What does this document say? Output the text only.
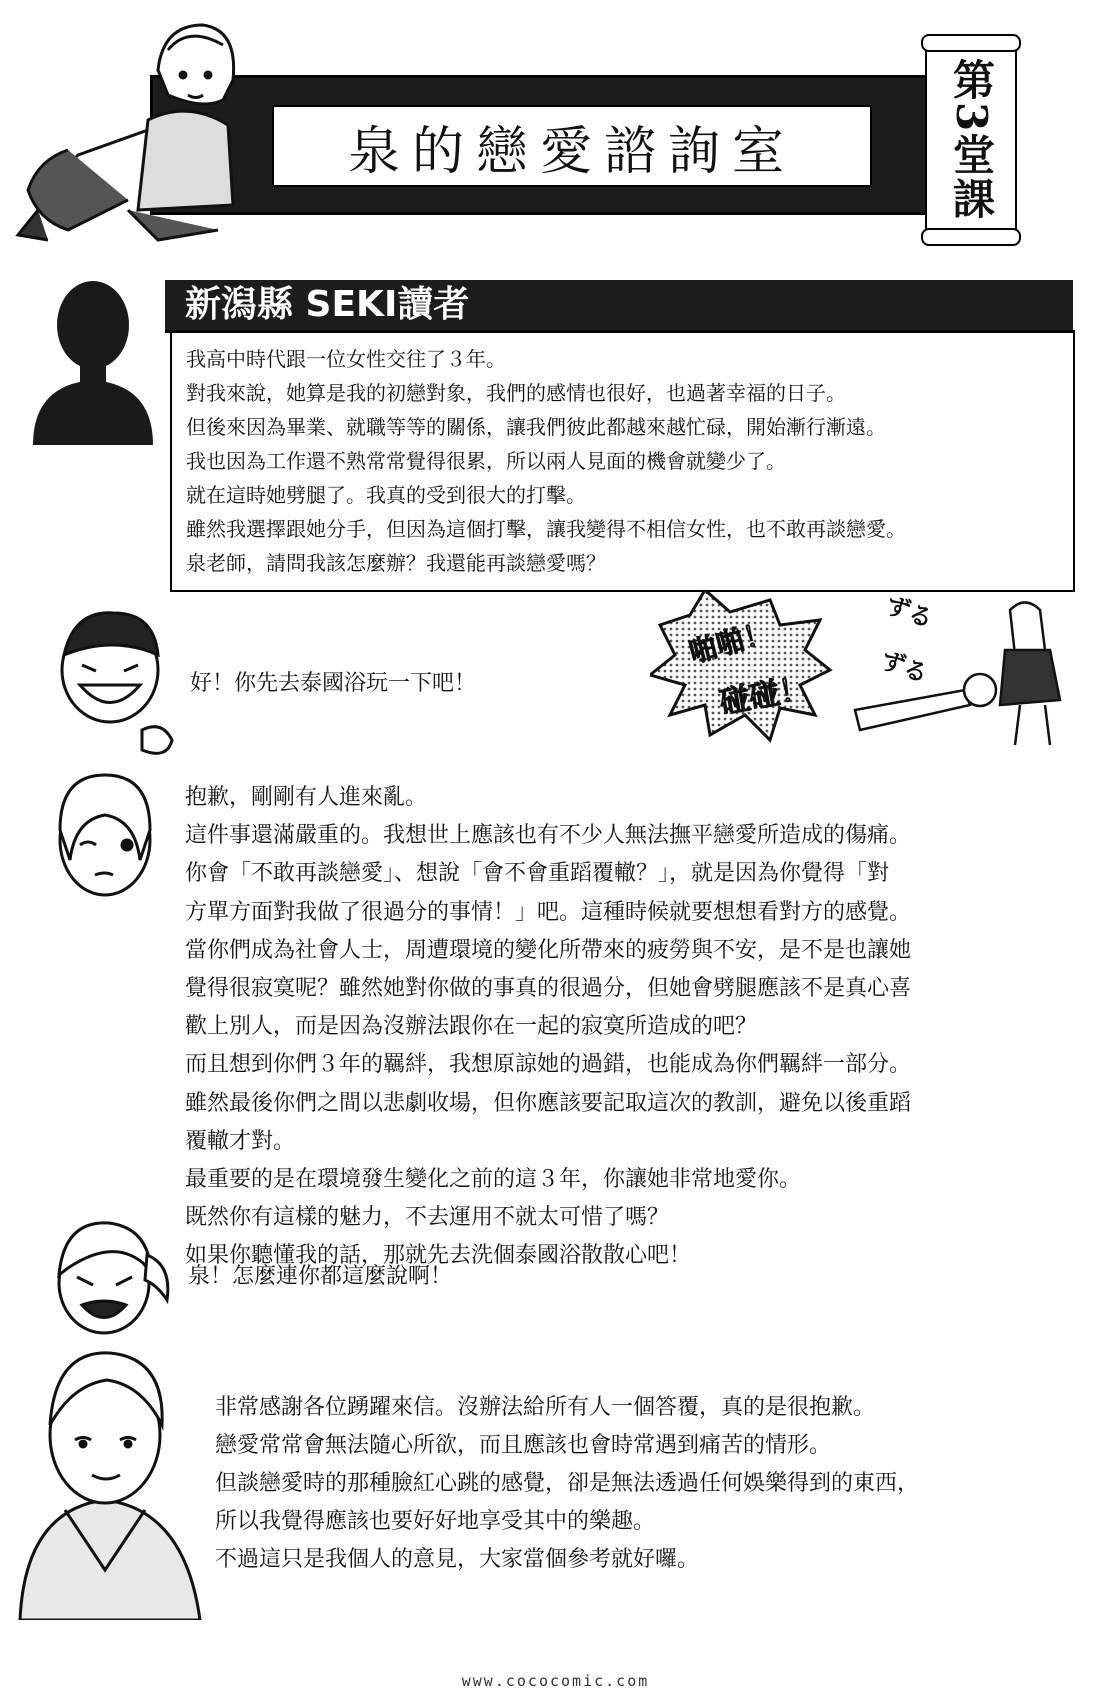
泉的戀愛諮詢室	第3堂課
新潟縣 SEKI讀者
我高中時代跟一位女性交往了３年。
對我來說，她算是我的初戀對象，我們的感情也很好，也過著幸福的日子。
但後來因為畢業、就職等等的關係，讓我們彼此都越來越忙碌，開始漸行漸遠。
我也因為工作還不熟常常覺得很累，所以兩人見面的機會就變少了。
就在這時她劈腿了。我真的受到很大的打擊。
雖然我選擇跟她分手，但因為這個打擊，讓我變得不相信女性，也不敢再談戀愛。
泉老師，請問我該怎麼辦？我還能再談戀愛嗎？
好！你先去泰國浴玩一下吧！
啪啪！
碰碰！
ずる
ずる
抱歉，剛剛有人進來亂。
這件事還滿嚴重的。我想世上應該也有不少人無法撫平戀愛所造成的傷痛。
你會「不敢再談戀愛」、想說「會不會重蹈覆轍？」，就是因為你覺得「對
方單方面對我做了很過分的事情！」吧。這種時候就要想想看對方的感覺。
當你們成為社會人士，周遭環境的變化所帶來的疲勞與不安，是不是也讓她
覺得很寂寞呢？雖然她對你做的事真的很過分，但她會劈腿應該不是真心喜
歡上別人，而是因為沒辦法跟你在一起的寂寞所造成的吧？
而且想到你們３年的羈絆，我想原諒她的過錯，也能成為你們羈絆一部分。
雖然最後你們之間以悲劇收場，但你應該要記取這次的教訓，避免以後重蹈
覆轍才對。
最重要的是在環境發生變化之前的這３年，你讓她非常地愛你。
既然你有這樣的魅力，不去運用不就太可惜了嗎？
如果你聽懂我的話，那就先去洗個泰國浴散散心吧！
泉！怎麼連你都這麼說啊！
非常感謝各位踴躍來信。沒辦法給所有人一個答覆，真的是很抱歉。
戀愛常常會無法隨心所欲，而且應該也會時常遇到痛苦的情形。
但談戀愛時的那種臉紅心跳的感覺，卻是無法透過任何娛樂得到的東西，
所以我覺得應該也要好好地享受其中的樂趣。
不過這只是我個人的意見，大家當個參考就好囉。
www.cococomic.com
